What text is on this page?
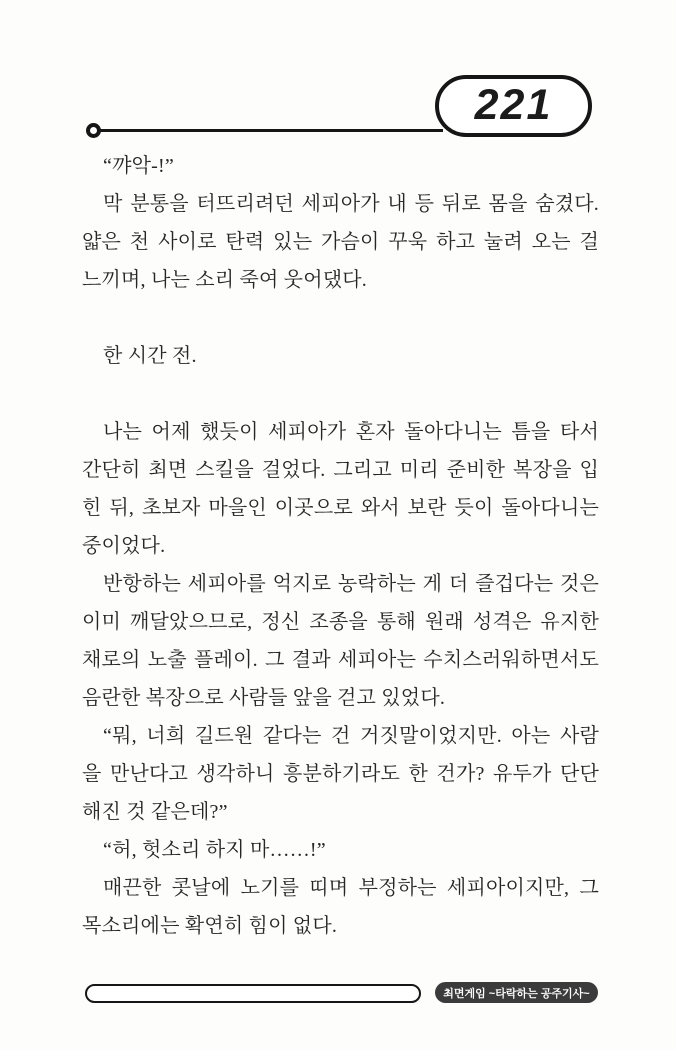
221
“꺄악-!”
막 분통을 터뜨리려던 세피아가 내 등 뒤로 몸을 숨겼다.
얇은 천 사이로 탄력 있는 가슴이 꾸욱 하고 눌려 오는 걸
느끼며, 나는 소리 죽여 웃어댔다.
한 시간 전.
나는 어제 했듯이 세피아가 혼자 돌아다니는 틈을 타서
간단히 최면 스킬을 걸었다. 그리고 미리 준비한 복장을 입
힌 뒤, 초보자 마을인 이곳으로 와서 보란 듯이 돌아다니는
중이었다.
반항하는 세피아를 억지로 농락하는 게 더 즐겁다는 것은
이미 깨달았으므로, 정신 조종을 통해 원래 성격은 유지한
채로의 노출 플레이. 그 결과 세피아는 수치스러워하면서도
음란한 복장으로 사람들 앞을 걷고 있었다.
“뭐, 너희 길드원 같다는 건 거짓말이었지만. 아는 사람
을 만난다고 생각하니 흥분하기라도 한 건가? 유두가 단단
해진 것 같은데?”
“허, 헛소리 하지 마……!”
매끈한 콧날에 노기를 띠며 부정하는 세피아이지만, 그
목소리에는 확연히 힘이 없다.
최면게임 ~타락하는 공주기사~
